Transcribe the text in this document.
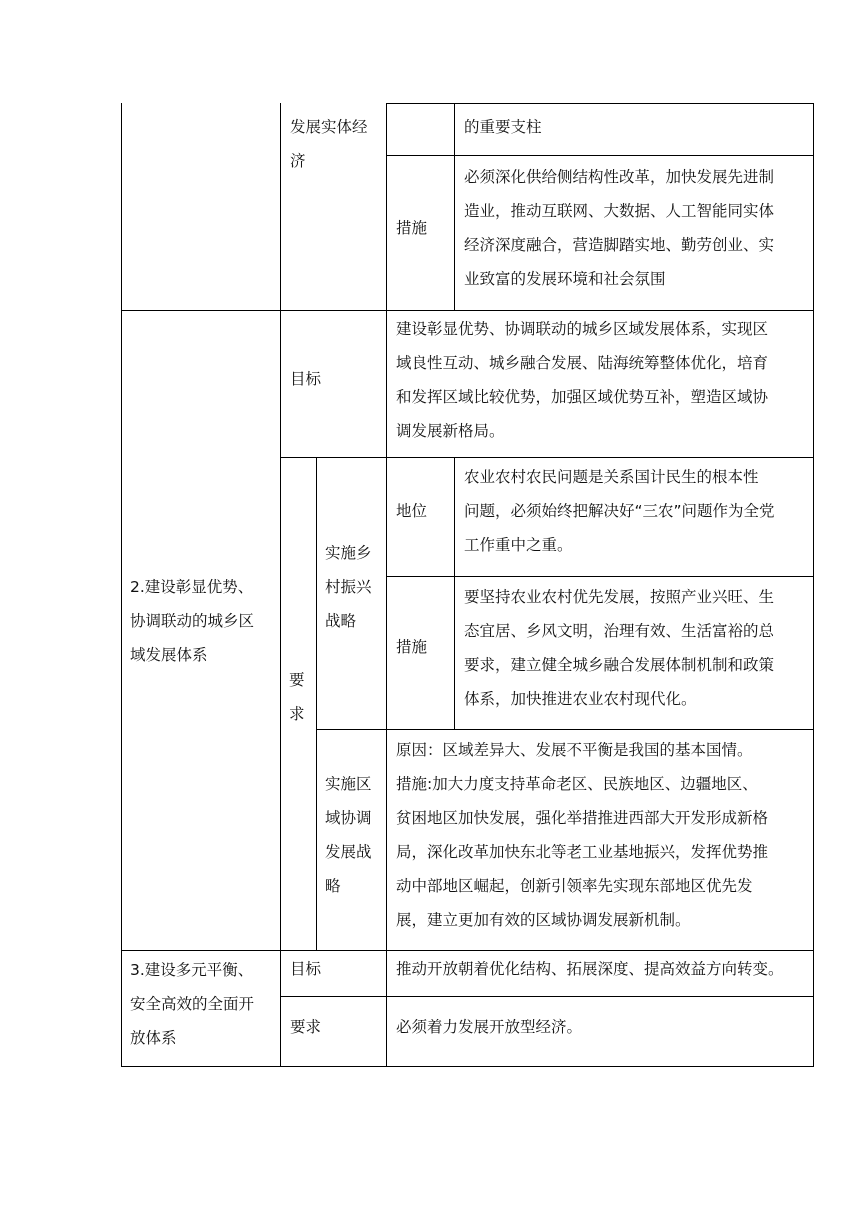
发展实体经

济

的重要支柱

措施

必须深化供给侧结构性改革，加快发展先进制

造业，推动互联网、大数据、人工智能同实体

经济深度融合，营造脚踏实地、勤劳创业、实

业致富的发展环境和社会氛围

2.建设彰显优势、

协调联动的城乡区

域发展体系

目标

建设彰显优势、协调联动的城乡区域发展体系，实现区

域良性互动、城乡融合发展、陆海统筹整体优化，培育

和发挥区域比较优势，加强区域优势互补，塑造区域协

调发展新格局。

要

求

实施乡

村振兴

战略

地位

农业农村农民问题是关系国计民生的根本性

问题，必须始终把解决好“三农”问题作为全党

工作重中之重。

措施

要坚持农业农村优先发展，按照产业兴旺、生

态宜居、乡风文明，治理有效、生活富裕的总

要求，建立健全城乡融合发展体制机制和政策

体系，加快推进农业农村现代化。

实施区

域协调

发展战

略

原因：区域差异大、发展不平衡是我国的基本国情。

措施:加大力度支持革命老区、民族地区、边疆地区、

贫困地区加快发展，强化举措推进西部大开发形成新格

局，深化改革加快东北等老工业基地振兴，发挥优势推

动中部地区崛起，创新引领率先实现东部地区优先发

展，建立更加有效的区域协调发展新机制。

3.建设多元平衡、

安全高效的全面开

放体系

目标	推动开放朝着优化结构、拓展深度、提高效益方向转变。
要求	必须着力发展开放型经济。
